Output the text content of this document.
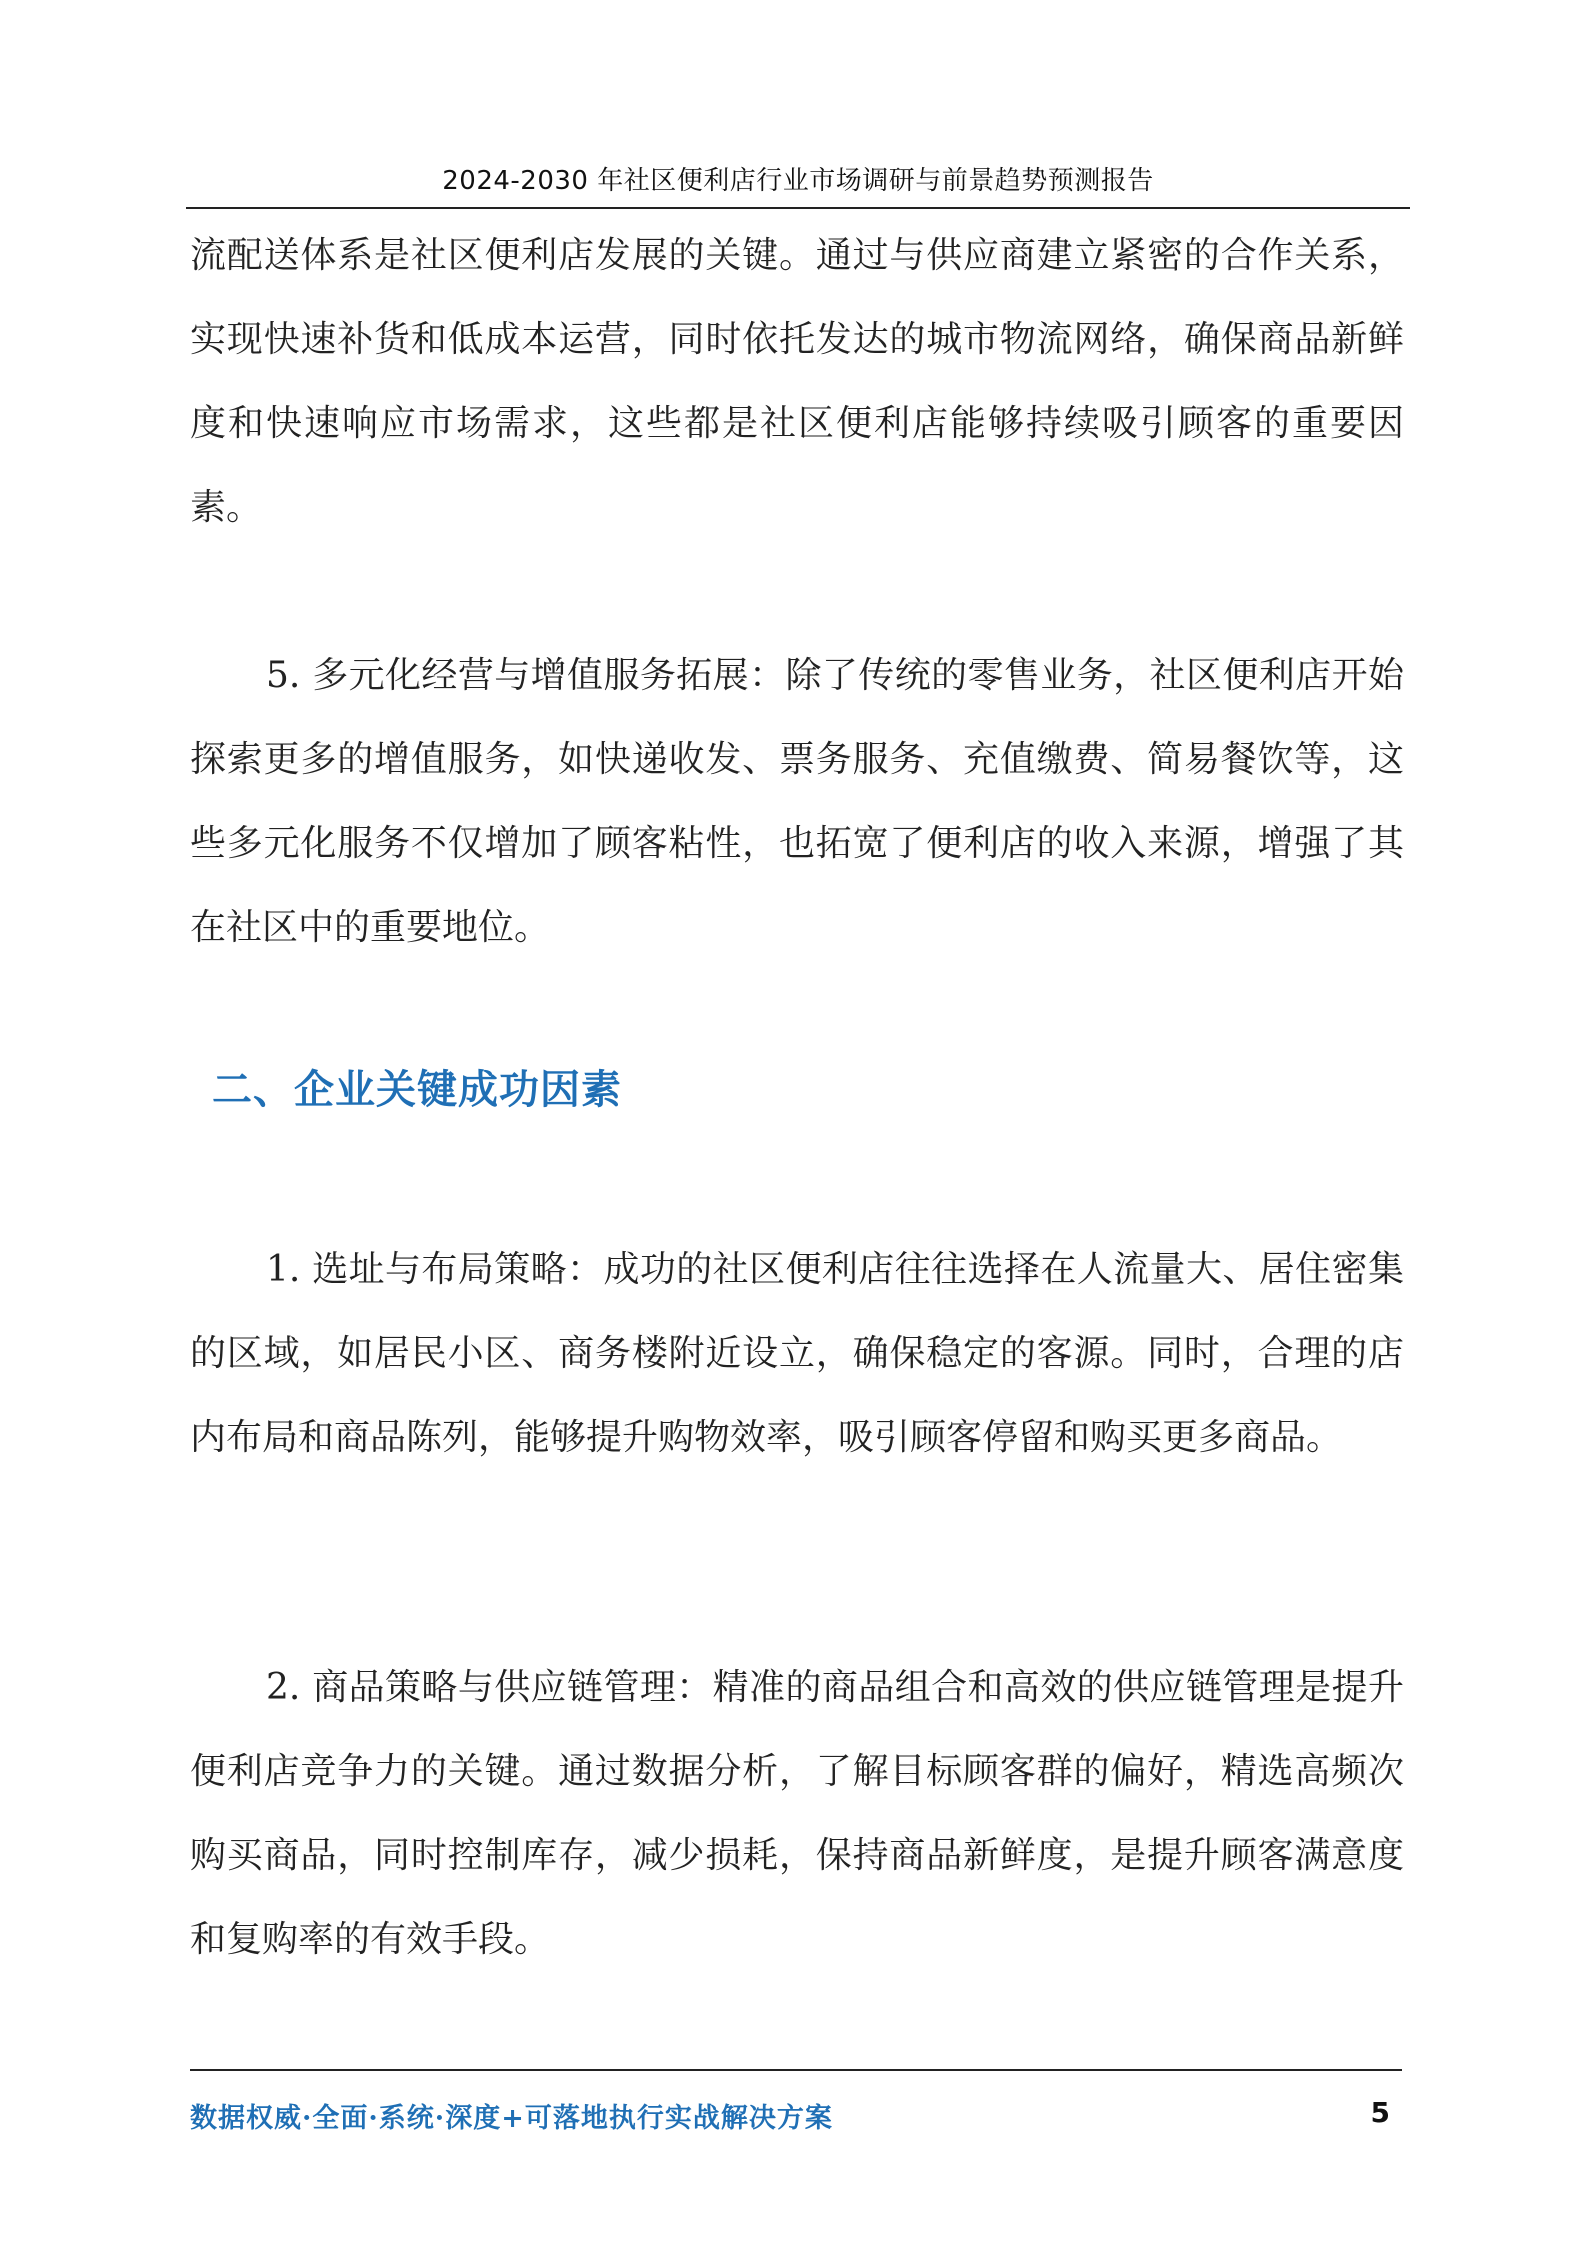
2024-2030 年社区便利店行业市场调研与前景趋势预测报告

流配送体系是社区便利店发展的关键。通过与供应商建立紧密的合作关系，实现快速补货和低成本运营，同时依托发达的城市物流网络，确保商品新鲜度和快速响应市场需求，这些都是社区便利店能够持续吸引顾客的重要因素。

5. 多元化经营与增值服务拓展：除了传统的零售业务，社区便利店开始探索更多的增值服务，如快递收发、票务服务、充值缴费、简易餐饮等，这些多元化服务不仅增加了顾客粘性，也拓宽了便利店的收入来源，增强了其在社区中的重要地位。

二、企业关键成功因素

1. 选址与布局策略：成功的社区便利店往往选择在人流量大、居住密集的区域，如居民小区、商务楼附近设立，确保稳定的客源。同时，合理的店内布局和商品陈列，能够提升购物效率，吸引顾客停留和购买更多商品。

2. 商品策略与供应链管理：精准的商品组合和高效的供应链管理是提升便利店竞争力的关键。通过数据分析，了解目标顾客群的偏好，精选高频次购买商品，同时控制库存，减少损耗，保持商品新鲜度，是提升顾客满意度和复购率的有效手段。

数据权威·全面·系统·深度+可落地执行实战解决方案	5
